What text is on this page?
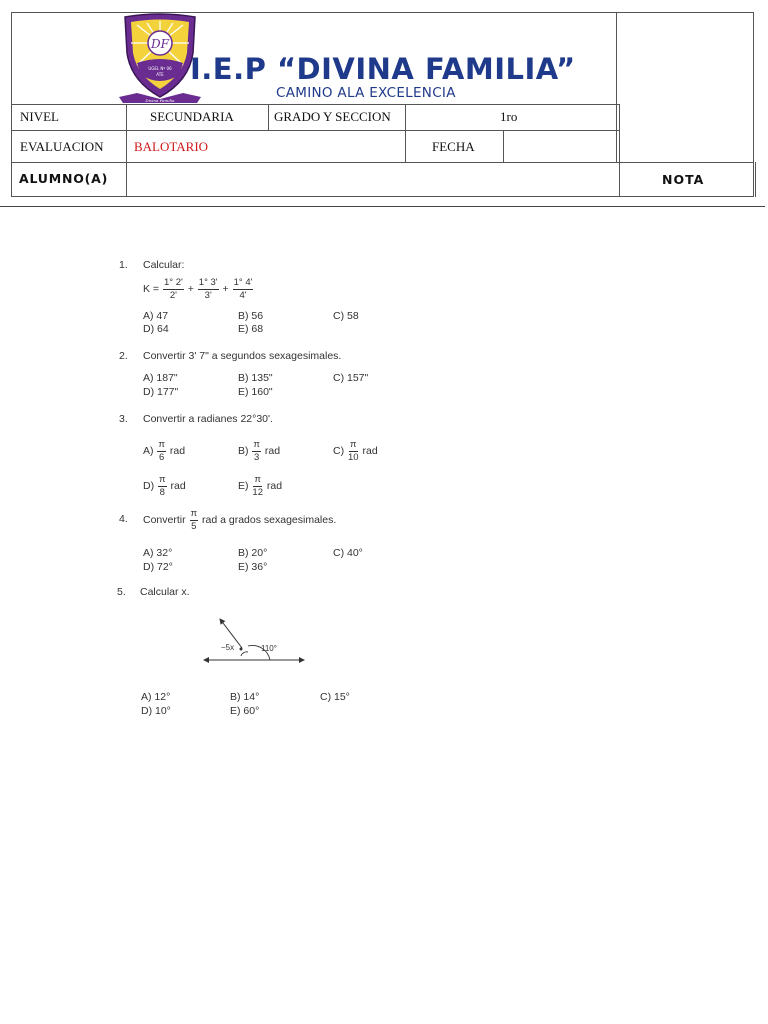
DF
UGEL Nº 06
ATE
Divina Familia
I.E.P “DIVINA FAMILIA”
CAMINO ALA EXCELENCIA
NIVEL	SECUNDARIA	GRADO Y SECCION	1ro
EVALUACION BALOTARIO	FECHA
ALUMNO(A)	NOTA
1. Calcular:
$K = \frac{1^\circ 2'}{2'} + \frac{1^\circ 3'}{3'} + \frac{1^\circ 4'}{4'}$
A) 47	B) 56	C) 58
D) 64	E) 68
2. Convertir 3' 7" a segundos sexagesimales.
A) 187"	B) 135"	C) 157"
D) 177"	E) 160"
3. Convertir a radianes 22°30'.
$A) \frac{\pi}{6}$ rad	$B) \frac{\pi}{3}$ rad	$C) \frac{\pi}{10}$ rad
$D) \frac{\pi}{8}$ rad	$E) \frac{\pi}{12}$ rad
4. Convertir $\frac{\pi}{5}$ rad a grados sexagesimales.
A) 32°	B) 20°	C) 40°
D) 72°	E) 36°
5. Calcular x.
−5x	110°
A) 12°	B) 14°	C) 15°
D) 10°	E) 60°
